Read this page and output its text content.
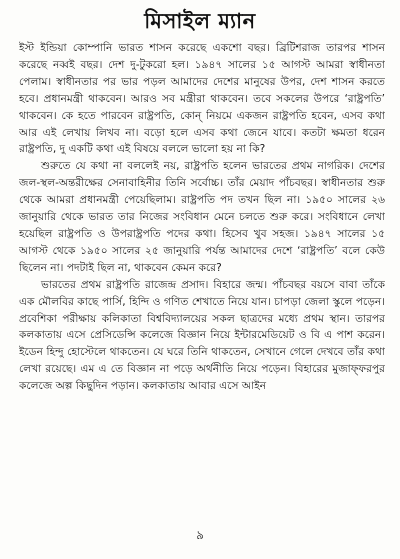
মিসাইল ম্যান

ইস্ট ইন্ডিয়া কোম্পানি ভারত শাসন করেছে একশো বছর। ব্রিটিশরাজ তারপর শাসন করেছে নব্বই বছর। দেশ দু-টুকরো হল। ১৯৪৭ সালের ১৫ আগস্ট আমরা স্বাধীনতা পেলাম। স্বাধীনতার পর ভার পড়ল আমাদের দেশের মানুষের উপর, দেশ শাসন করতে হবে। প্রধানমন্ত্রী থাকবেন। আরও সব মন্ত্রীরা থাকবেন। তবে সকলের উপরে ‘রাষ্ট্রপতি’ থাকবেন। কে হতে পারবেন রাষ্ট্রপতি, কোন্‌ নিয়মে একজন রাষ্ট্রপতি হবেন, এসব কথা আর এই লেখায় লিখব না। বড়ো হলে এসব কথা জেনে যাবে। কতটা ক্ষমতা ধরেন রাষ্ট্রপতি, দু একটি কথা এই বিষয়ে বললে ভালো হয় না কি?

শুরুতে যে কথা না বললেই নয়, রাষ্ট্রপতি হলেন ভারতের প্রথম নাগরিক। দেশের জল-স্থল-অন্তরীক্ষের সেনাবাহিনীর তিনি সর্বোচ্চ। তাঁর মেয়াদ পাঁচবছর। স্বাধীনতার শুরু থেকে আমরা প্রধানমন্ত্রী পেয়েছিলাম। রাষ্ট্রপতি পদ তখন ছিল না। ১৯৫০ সালের ২৬ জানুয়ারি থেকে ভারত তার নিজের সংবিধান মেনে চলতে শুরু করে। সংবিধানে লেখা হয়েছিল রাষ্ট্রপতি ও উপরাষ্ট্রপতি পদের কথা। হিসেব খুব সহজ। ১৯৪৭ সালের ১৫ আগস্ট থেকে ১৯৫০ সালের ২৫ জানুয়ারি পর্যন্ত আমাদের দেশে ‘রাষ্ট্রপতি’ বলে কেউ ছিলেন না। পদটাই ছিল না, থাকবেন কেমন করে?

ভারতের প্রথম রাষ্ট্রপতি রাজেন্দ্র প্রসাদ। বিহারে জন্ম। পাঁচবছর বয়সে বাবা তাঁকে এক মৌলবির কাছে পার্সি, হিন্দি ও গণিত শেখাতে নিয়ে যান। চাপড়া জেলা স্কুলে পড়েন। প্রবেশিকা পরীক্ষায় কলিকাতা বিশ্ববিদ্যালয়ের সকল ছাত্রদের মধ্যে প্রথম স্থান। তারপর কলকাতায় এসে প্রেসিডেন্সি কলেজে বিজ্ঞান নিয়ে ইন্টারমেডিয়েট ও বি এ পাশ করেন। ইডেন হিন্দু হোস্টেলে থাকতেন। যে ঘরে তিনি থাকতেন, সেখানে গেলে দেখবে তাঁর কথা লেখা রয়েছে। এম এ তে বিজ্ঞান না পড়ে অর্থনীতি নিয়ে পড়েন। বিহারের মুজাফ্‌ফরপুর কলেজে অল্প কিছুদিন পড়ান। কলকাতায় আবার এসে আইন

৯
